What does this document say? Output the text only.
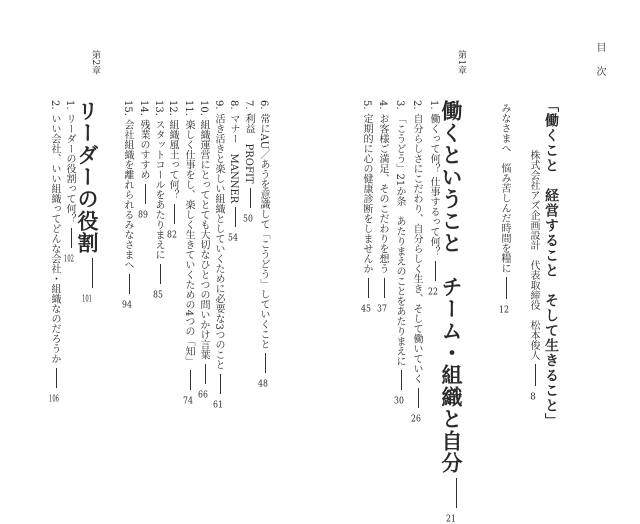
目次
「働くこと　経営すること　そして生きること」
株式会社アズ企画設計　代表取締役　松本俊人8
みなさまへ　悩み苦しんだ時間を糧に12
第1章
働くということ　チーム・組織と自分21
1.働くって何？ 仕事するって何？22
2.自分らしさにこだわり、自分らしく生き、そして働いていく26
3.「こうどう」21か条　あたりまえのことをあたりまえに30
4.お客様ご満足、そのこだわりを想う37
5.定期的に心の健康診断をしませんか45
6.常にAU／あうを意識して「こうどう」していくこと48
7.利益　PROFIT50
8.マナー　MANNER54
9.活き活きと楽しい組織としていくために必要な3つのこと61
10.組織運営にとってとても大切なひとつの問いかけ言葉66
11.楽しく仕事をし、楽しく生きていくための4つの「知」74
12.組織風土って何？82
13.スタットコールをあたりまえに85
14.残業のすすめ89
15.会社組織を離れられるみなさまへ94
第2章
リーダーの役割101
1.リーダーの役割って何？102
2.いい会社、いい組織ってどんな会社・組織なのだろうか106
